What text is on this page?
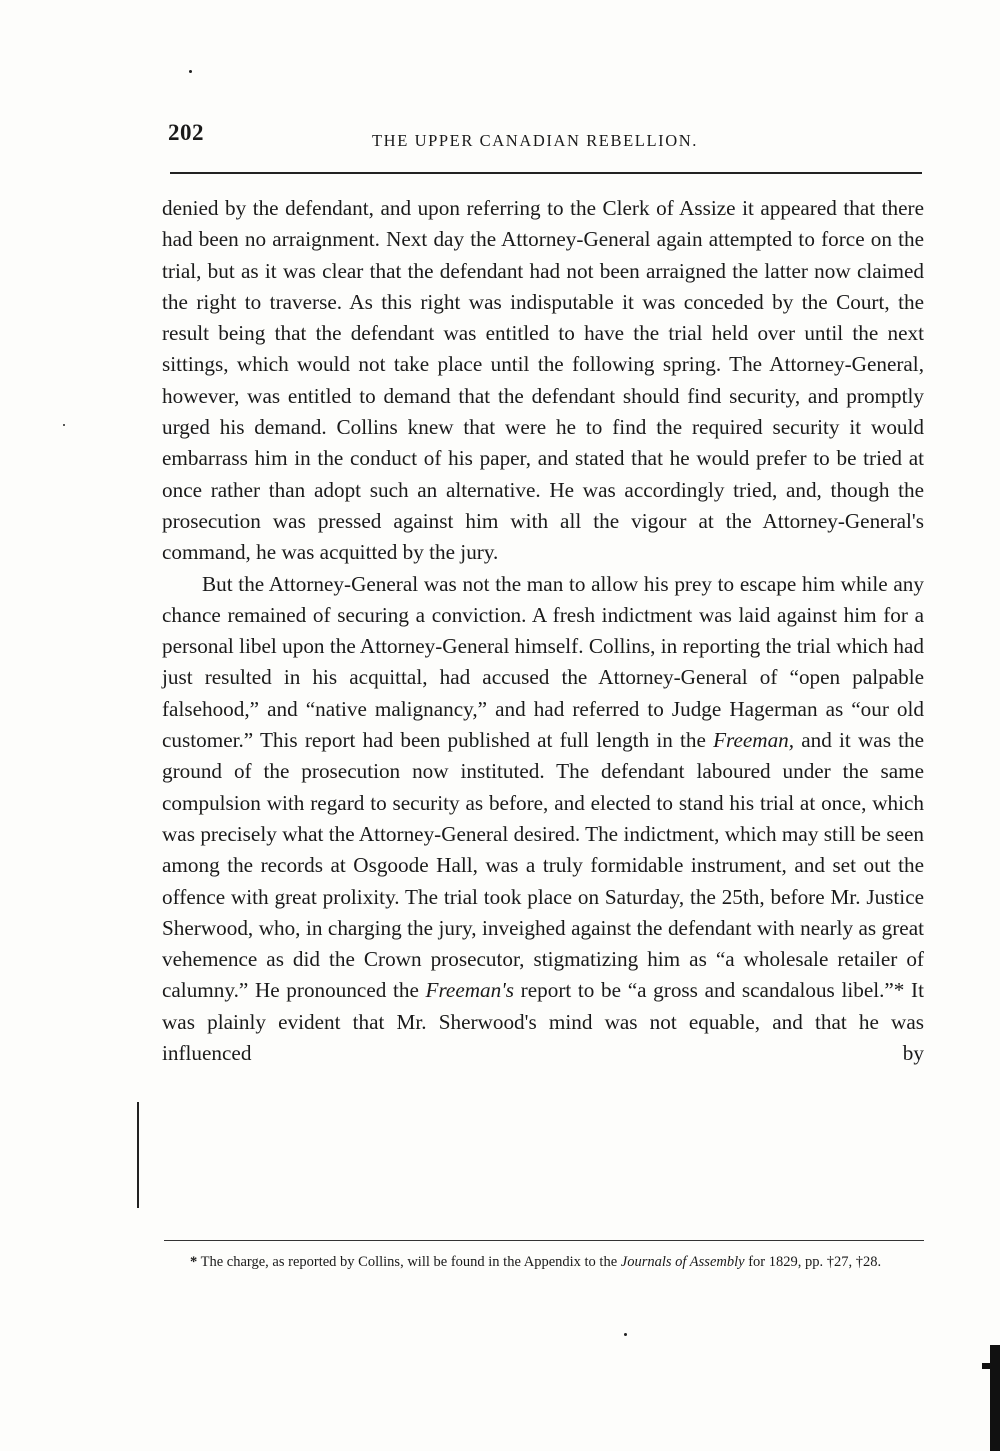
202	THE UPPER CANADIAN REBELLION.

denied by the defendant, and upon referring to the Clerk of Assize it appeared that there had been no arraignment. Next day the Attorney-General again attempted to force on the trial, but as it was clear that the defendant had not been arraigned the latter now claimed the right to traverse. As this right was indisputable it was conceded by the Court, the result being that the defendant was entitled to have the trial held over until the next sittings, which would not take place until the following spring. The Attorney-General, however, was entitled to demand that the defendant should find security, and promptly urged his demand. Collins knew that were he to find the required security it would embarrass him in the conduct of his paper, and stated that he would prefer to be tried at once rather than adopt such an alternative. He was accordingly tried, and, though the prosecution was pressed against him with all the vigour at the Attorney-General's command, he was acquitted by the jury.

But the Attorney-General was not the man to allow his prey to escape him while any chance remained of securing a conviction. A fresh indictment was laid against him for a personal libel upon the Attorney-General himself. Collins, in reporting the trial which had just resulted in his acquittal, had accused the Attorney-General of “open palpable falsehood,” and “native malignancy,” and had referred to Judge Hagerman as “our old customer.” This report had been published at full length in the Freeman, and it was the ground of the prosecution now instituted. The defendant laboured under the same compulsion with regard to security as before, and elected to stand his trial at once, which was precisely what the Attorney-General desired. The indictment, which may still be seen among the records at Osgoode Hall, was a truly formidable instrument, and set out the offence with great prolixity. The trial took place on Saturday, the 25th, before Mr. Justice Sherwood, who, in charging the jury, inveighed against the defendant with nearly as great vehemence as did the Crown prosecutor, stigmatizing him as “a wholesale retailer of calumny.” He pronounced the Freeman's report to be “a gross and scandalous libel.”* It was plainly evident that Mr. Sherwood's mind was not equable, and that he was influenced by

* The charge, as reported by Collins, will be found in the Appendix to the Journals of Assembly for 1829, pp. †27, †28.
